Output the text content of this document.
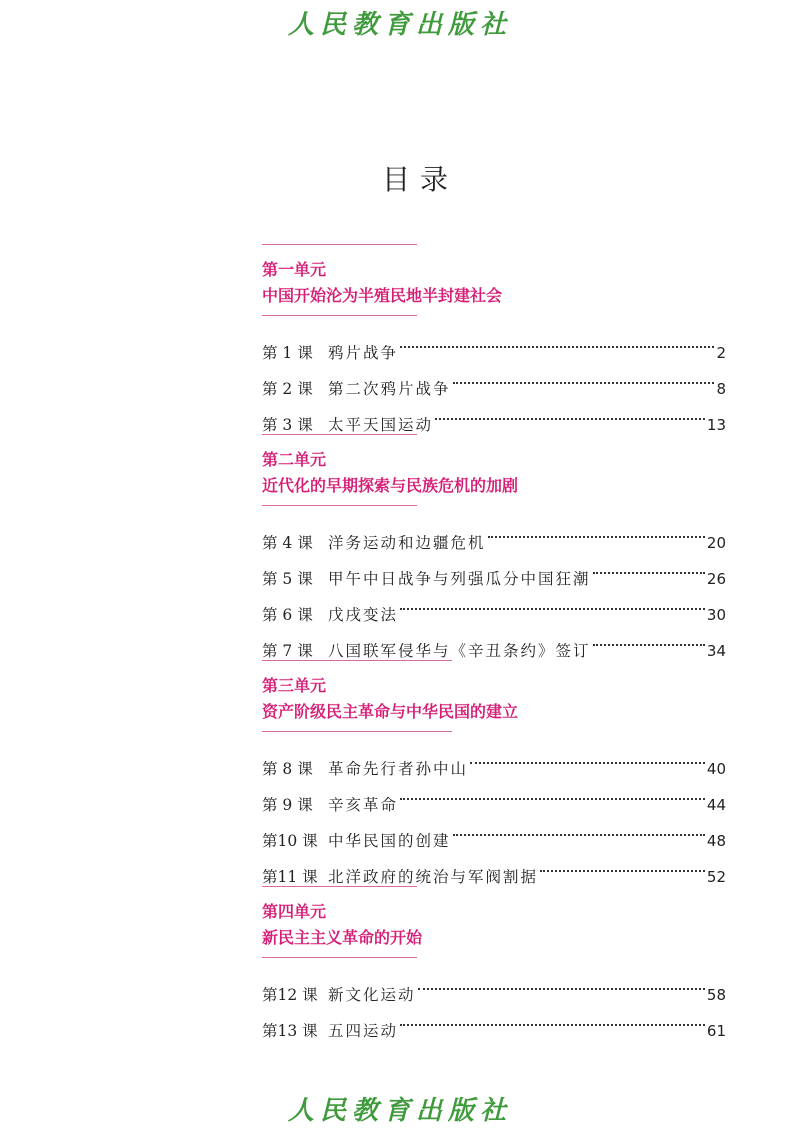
人民教育出版社
目录
第一单元
中国开始沦为半殖民地半封建社会
第 1 课 鸦片战争	2
第 2 课 第二次鸦片战争	8
第 3 课 太平天国运动	13
第二单元
近代化的早期探索与民族危机的加剧
第 4 课 洋务运动和边疆危机	20
第 5 课 甲午中日战争与列强瓜分中国狂潮	26
第 6 课 戊戌变法	30
第 7 课 八国联军侵华与《辛丑条约》签订	34
第三单元
资产阶级民主革命与中华民国的建立
第 8 课 革命先行者孙中山	40
第 9 课 辛亥革命	44
第10 课 中华民国的创建	48
第11 课 北洋政府的统治与军阀割据	52
第四单元
新民主主义革命的开始
第12 课 新文化运动	58
第13 课 五四运动	61
人民教育出版社
